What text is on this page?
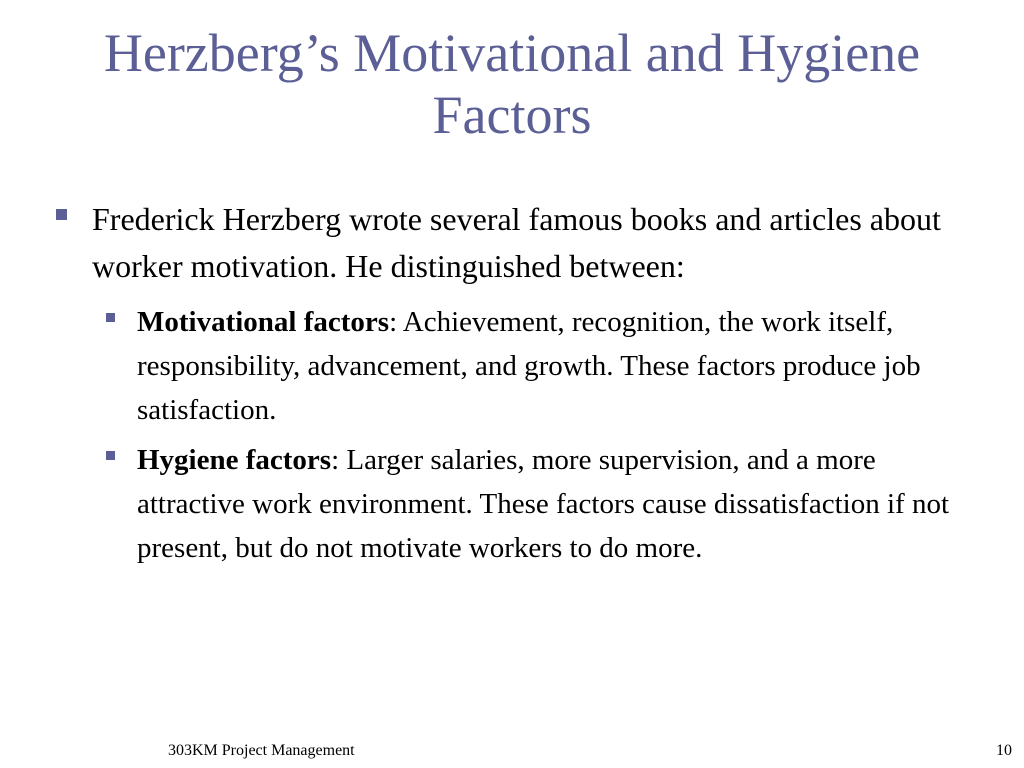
Herzberg’s Motivational and Hygiene Factors
Frederick Herzberg wrote several famous books and articles about worker motivation. He distinguished between:
Motivational factors: Achievement, recognition, the work itself, responsibility, advancement, and growth. These factors produce job satisfaction.
Hygiene factors: Larger salaries, more supervision, and a more attractive work environment. These factors cause dissatisfaction if not present, but do not motivate workers to do more.
303KM Project Management	10
